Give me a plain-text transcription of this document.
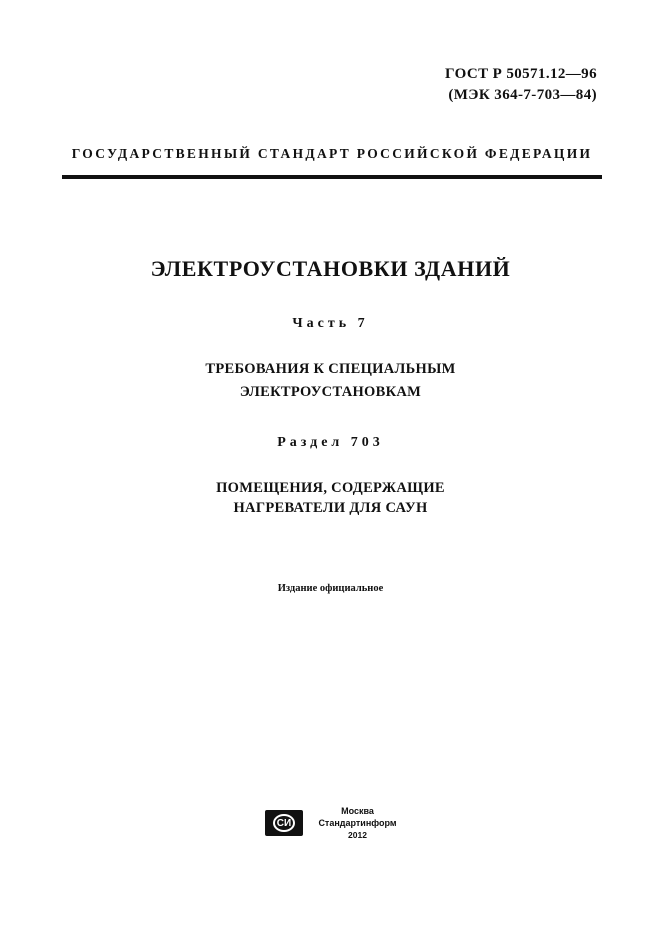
ГОСТ Р 50571.12—96
(МЭК 364-7-703—84)
ГОСУДАРСТВЕННЫЙ СТАНДАРТ РОССИЙСКОЙ ФЕДЕРАЦИИ
ЭЛЕКТРОУСТАНОВКИ ЗДАНИЙ
Часть 7
ТРЕБОВАНИЯ К СПЕЦИАЛЬНЫМ
ЭЛЕКТРОУСТАНОВКАМ
Раздел 703
ПОМЕЩЕНИЯ, СОДЕРЖАЩИЕ
НАГРЕВАТЕЛИ ДЛЯ САУН
Издание официальное
СИ
Москва
Стандартинформ
2012
